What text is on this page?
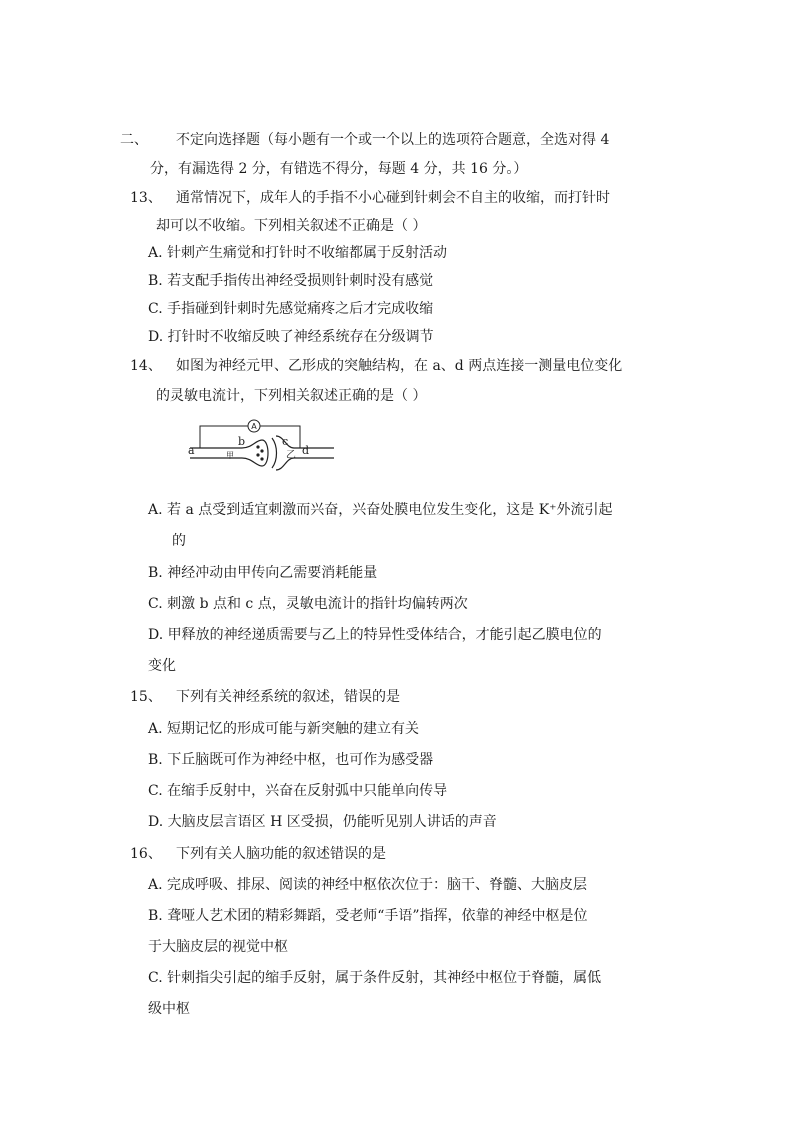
二、 不定向选择题（每小题有一个或一个以上的选项符合题意，全选对得 4
分，有漏选得 2 分，有错选不得分，每题 4 分，共 16 分。）
13、 通常情况下，成年人的手指不小心碰到针刺会不自主的收缩，而打针时
却可以不收缩。下列相关叙述不正确是（ ）
A. 针刺产生痛觉和打针时不收缩都属于反射活动
B. 若支配手指传出神经受损则针刺时没有感觉
C. 手指碰到针刺时先感觉痛疼之后才完成收缩
D. 打针时不收缩反映了神经系统存在分级调节
14、 如图为神经元甲、乙形成的突触结构，在 a、d 两点连接一测量电位变化
的灵敏电流计，下列相关叙述正确的是（ ）
A
a
b	c
d
甲	乙
A. 若 a 点受到适宜刺激而兴奋，兴奋处膜电位发生变化，这是 K⁺外流引起
的
B. 神经冲动由甲传向乙需要消耗能量
C. 刺激 b 点和 c 点，灵敏电流计的指针均偏转两次
D. 甲释放的神经递质需要与乙上的特异性受体结合，才能引起乙膜电位的
变化
15、 下列有关神经系统的叙述，错误的是
A. 短期记忆的形成可能与新突触的建立有关
B. 下丘脑既可作为神经中枢，也可作为感受器
C. 在缩手反射中，兴奋在反射弧中只能单向传导
D. 大脑皮层言语区 H 区受损，仍能听见别人讲话的声音
16、 下列有关人脑功能的叙述错误的是
A. 完成呼吸、排尿、阅读的神经中枢依次位于：脑干、脊髓、大脑皮层
B. 聋哑人艺术团的精彩舞蹈，受老师“手语”指挥，依靠的神经中枢是位
于大脑皮层的视觉中枢
C. 针刺指尖引起的缩手反射，属于条件反射，其神经中枢位于脊髓，属低
级中枢
